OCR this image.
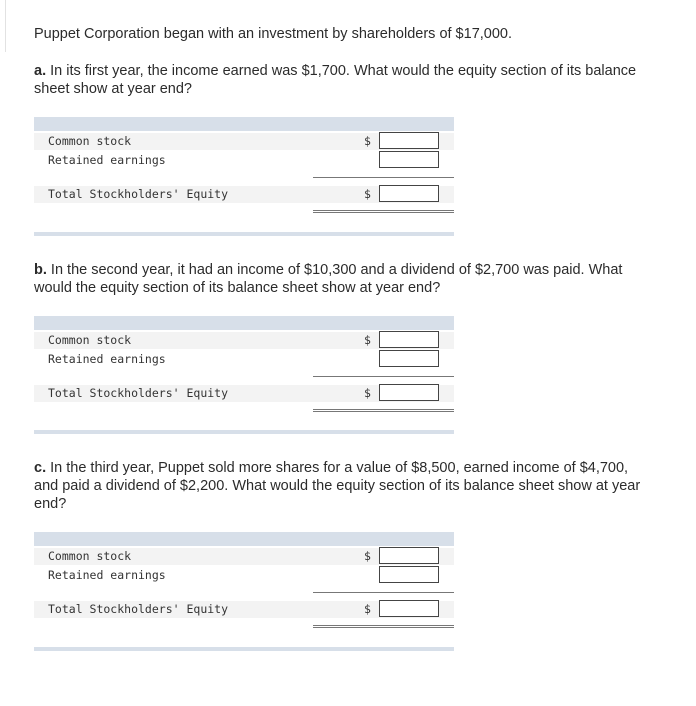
Puppet Corporation began with an investment by shareholders of $17,000.

a. In its first year, the income earned was $1,700. What would the equity section of its balance sheet show at year end?
Common stock	$
Retained earnings
Total Stockholders' Equity	$
b. In the second year, it had an income of $10,300 and a dividend of $2,700 was paid. What would the equity section of its balance sheet show at year end?
Common stock	$
Retained earnings
Total Stockholders' Equity	$
c. In the third year, Puppet sold more shares for a value of $8,500, earned income of $4,700, and paid a dividend of $2,200. What would the equity section of its balance sheet show at year end?
Common stock	$
Retained earnings
Total Stockholders' Equity	$
